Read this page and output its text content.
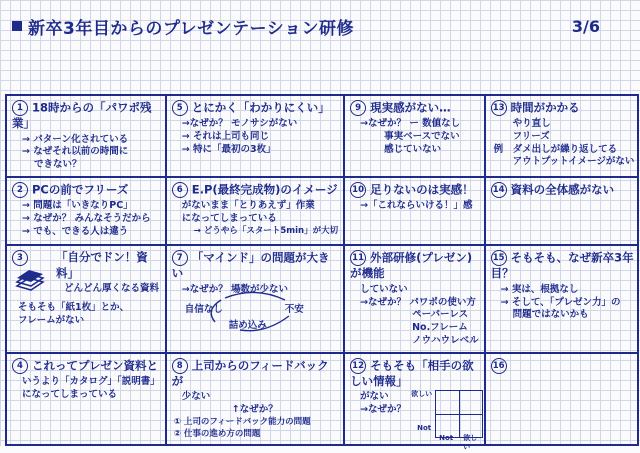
新卒3年目からのプレゼンテーション研修	3/6
1 18時からの「パワポ残業」
→ パターン化されている
→ なぜそれ以前の時間に
できない？
5 とにかく「わかりにくい」
→なぜか？ モノサシがない
→ それは上司も同じ
→ 特に「最初の3枚」
9 現実感がない…
→なぜか？ ー 数値なし
事実ベースでない
感じていない
13 時間がかかる
やり直し
フリーズ
ダメ出しが繰り返してる
アウトプットイメージがない
例
2 PCの前でフリーズ
→ 問題は「いきなりPC」
→ なぜか？ みんなそうだから
→ でも、できる人は違う
6 E.P(最終完成物)のイメージ
がないまま「とりあえず」作業
になってしまっている
→ どうやら「スタート5min」が大切
10 足りないのは実感！
→「これならいける！」感
14 資料の全体感がない
3	「自分でドン！資料」
どんどん厚くなる資料
そもそも「紙1枚」とか、
フレームがない
7 「マインド」の問題が大きい
→なぜか？ 場数が少ない
自信なし	不安
詰め込み
11 外部研修(プレゼン)が機能
していない
→なぜか？ パワポの使い方
ペーパーレス
No.フレーム
ノウハウレベル
15 そもそも、なぜ新卒3年目？
→ 実は、根拠なし
→ そして、「プレゼン力」の
問題ではないかも
4 これってプレゼン資料と
いうより「カタログ」「説明書」
になってしまっている
8 上司からのフィードバックが
少ない
↑なぜか？
① 上司のフィードバック能力の問題
② 仕事の進め方の問題
12 そもそも「相手の欲しい情報」
がない
→なぜか？
欲しい
Not
Not 欲しい
16
